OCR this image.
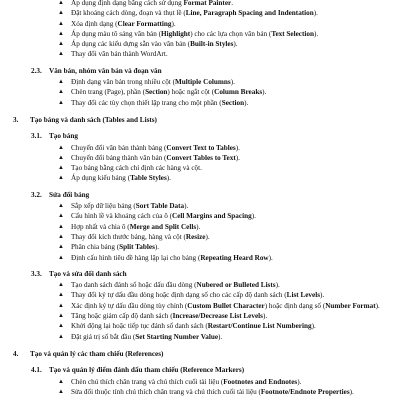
▲ Áp dụng định dạng bằng cách sử dụng Format Painter.
▲ Đặt khoảng cách dòng, đoạn và thụt lề (Line, Paragraph Spacing and Indentation).
▲ Xóa định dạng (Clear Formatting).
▲ Áp dụng màu tô sáng văn bản (Highlight) cho các lựa chọn văn bản (Text Selection).
▲ Áp dụng các kiểu dựng sẵn vào văn bản (Built-in Styles).
▲ Thay đổi văn bản thành WordArt.
2.3. Văn bản, nhóm văn bản và đoạn văn
▲ Định dạng văn bản trong nhiều cột (Multiple Columns).
▲ Chèn trang (Page), phần (Section) hoặc ngắt cột (Column Breaks).
▲ Thay đổi các tùy chọn thiết lập trang cho một phần (Section).
3. Tạo bảng và danh sách (Tables and Lists)
3.1. Tạo bảng
▲ Chuyển đổi văn bản thành bảng (Convert Text to Tables).
▲ Chuyển đổi bảng thành văn bản (Convert Tables to Text).
▲ Tạo bảng bằng cách chỉ định các hàng và cột.
▲ Áp dụng kiểu bảng (Table Styles).
3.2. Sửa đổi bảng
▲ Sắp xếp dữ liệu bảng (Sort Table Data).
▲ Cấu hình lề và khoảng cách của ô (Cell Margins and Spacing).
▲ Hợp nhất và chia ô (Merge and Split Cells).
▲ Thay đổi kích thước bảng, hàng và cột (Resize).
▲ Phân chia bảng (Split Tables).
▲ Định cấu hình tiêu đề hàng lặp lại cho bảng (Repeating Heard Row).
3.3. Tạo và sửa đổi danh sách
▲ Tạo danh sách đánh số hoặc dấu đầu dòng (Nubered or Bulleted Lists).
▲ Thay đổi ký tự dấu đầu dòng hoặc định dạng số cho các cấp độ danh sách (List Levels).
▲ Xác định ký tự dấu đầu dòng tùy chỉnh (Custom Bullet Character) hoặc định dạng số (Number Format).
▲ Tăng hoặc giảm cấp độ danh sách (Increase/Decrease List Levels).
▲ Khởi động lại hoặc tiếp tục đánh số danh sách (Restart/Continue List Numbering).
▲ Đặt giá trị số bắt đầu (Set Starting Number Value).
4. Tạo và quản lý các tham chiếu (References)
4.1. Tạo và quản lý điểm đánh dấu tham chiếu (Reference Markers)
▲ Chèn chú thích chân trang và chú thích cuối tài liệu (Footnotes and Endnotes).
▲ Sửa đổi thuộc tính chú thích chân trang và chú thích cuối tài liệu (Footnote/Endnote Properties).
